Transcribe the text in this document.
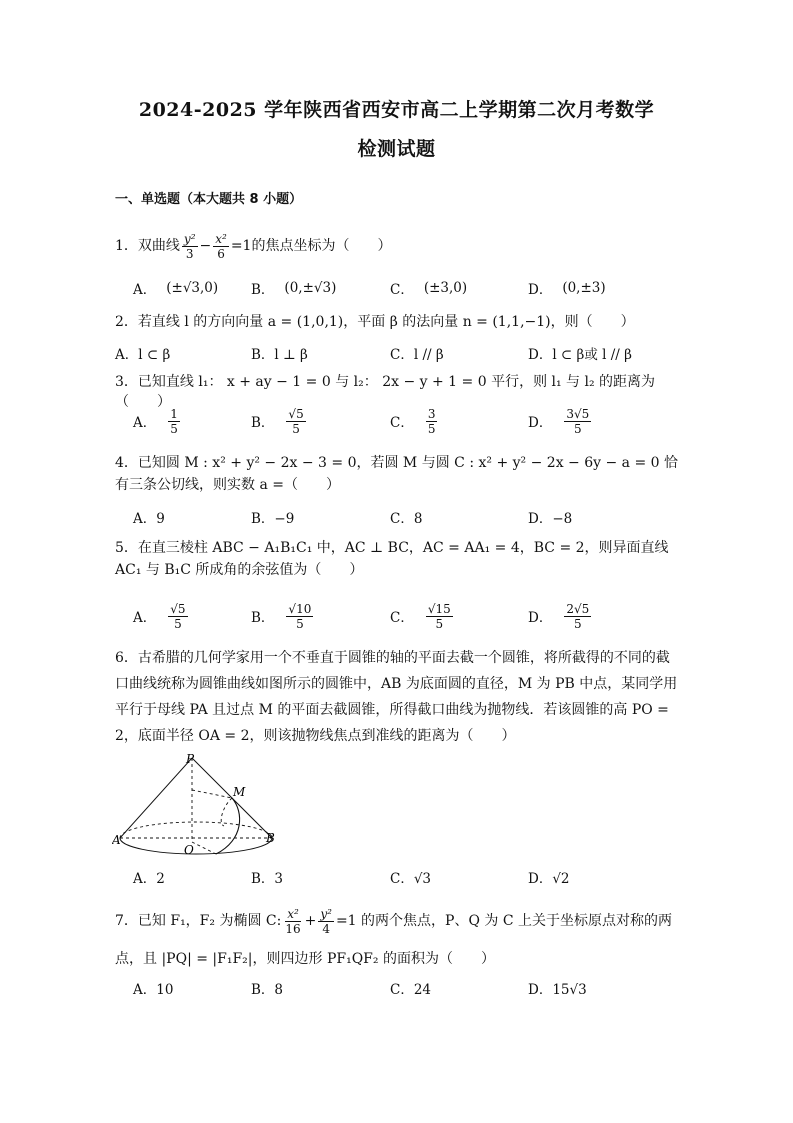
2024-2025 学年陕西省西安市高二上学期第二次月考数学
检测试题
一、单选题（本大题共 8 小题）
1．双曲线 $\frac{\text{y²}}{3} - \frac{\text{x²}}{6} =1$的焦点坐标为（　　）
A． (±√3,0) B． (0,±√3)	C． (±3,0)	D． (0,±3)
2．若直线 l 的方向向量 a = (1,0,1)，平面 β 的法向量 n = (1,1,−1)，则（　　）
A．l ⊂ β	B．l ⊥ β	C．l // β	D．l ⊂ β或 l // β
3．已知直线 l₁： x + ay − 1 = 0 与 l₂： 2x − y + 1 = 0 平行，则 l₁ 与 l₂ 的距离为（　　）
A． $\frac{1}{5}$	B． $\frac{√5}{5}$	C． $\frac{3}{5}$	D． $\frac{3√5}{5}$
4．已知圆 M : x² + y² − 2x − 3 = 0，若圆 M 与圆 C : x² + y² − 2x − 6y − a = 0 恰有三条公切线，则实数 a =（　　）
A．9	B．−9	C．8	D．−8
5．在直三棱柱 ABC − A₁B₁C₁ 中，AC ⊥ BC，AC = AA₁ = 4，BC = 2，则异面直线 AC₁ 与 B₁C 所成角的余弦值为（　　）
A． $\frac{√5}{5}$	B． $\frac{√10}{5}$	C． $\frac{√15}{5}$	D． $\frac{2√5}{5}$
6．古希腊的几何学家用一个不垂直于圆锥的轴的平面去截一个圆锥，将所截得的不同的截口曲线统称为圆锥曲线如图所示的圆锥中，AB 为底面圆的直径，M 为 PB 中点，某同学用平行于母线 PA 且过点 M 的平面去截圆锥，所得截口曲线为抛物线．若该圆锥的高 PO = 2，底面半径 OA = 2，则该抛物线焦点到准线的距离为（　　）
P
M
A
O
B
A．2	B．3	C．√3	D．√2
7．已知 F₁，F₂ 为椭圆 C: $\frac{\text{x²}}{16} + \frac{\text{y²}}{4} =1$ 的两个焦点，P、Q 为 C 上关于坐标原点对称的两点，且 |PQ| = |F₁F₂|，则四边形 PF₁QF₂ 的面积为（　　）
A．10	B．8	C．24	D．15√3
